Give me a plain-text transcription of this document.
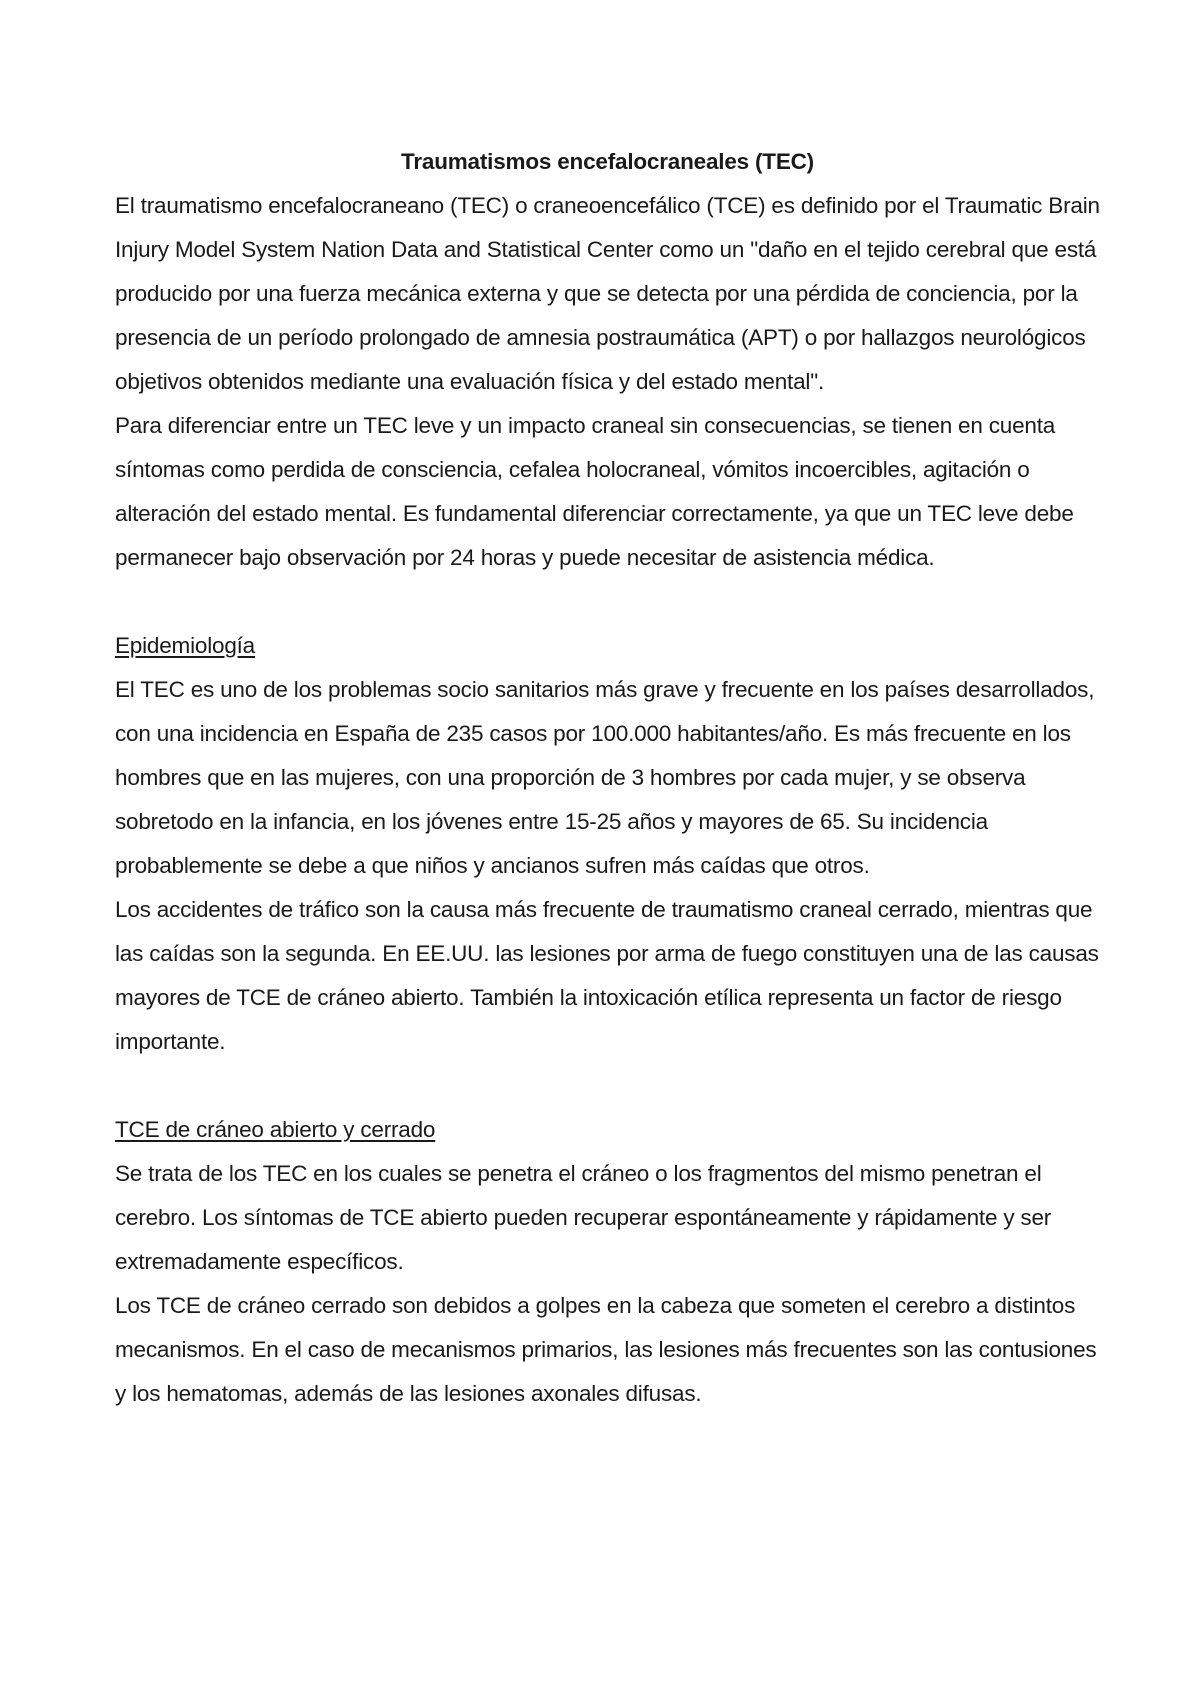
Traumatismos encefalocraneales (TEC)

El traumatismo encefalocraneano (TEC) o craneoencefálico (TCE) es definido por el Traumatic Brain Injury Model System Nation Data and Statistical Center como un "daño en el tejido cerebral que está producido por una fuerza mecánica externa y que se detecta por una pérdida de conciencia, por la presencia de un período prolongado de amnesia postraumática (APT) o por hallazgos neurológicos objetivos obtenidos mediante una evaluación física y del estado mental".

Para diferenciar entre un TEC leve y un impacto craneal sin consecuencias, se tienen en cuenta síntomas como perdida de consciencia, cefalea holocraneal, vómitos incoercibles, agitación o alteración del estado mental. Es fundamental diferenciar correctamente, ya que un TEC leve debe permanecer bajo observación por 24 horas y puede necesitar de asistencia médica.

Epidemiología

El TEC es uno de los problemas socio sanitarios más grave y frecuente en los países desarrollados, con una incidencia en España de 235 casos por 100.000 habitantes/año. Es más frecuente en los hombres que en las mujeres, con una proporción de 3 hombres por cada mujer, y se observa sobretodo en la infancia, en los jóvenes entre 15-25 años y mayores de 65. Su incidencia probablemente se debe a que niños y ancianos sufren más caídas que otros.

Los accidentes de tráfico son la causa más frecuente de traumatismo craneal cerrado, mientras que las caídas son la segunda. En EE.UU. las lesiones por arma de fuego constituyen una de las causas mayores de TCE de cráneo abierto. También la intoxicación etílica representa un factor de riesgo importante.

TCE de cráneo abierto y cerrado

Se trata de los TEC en los cuales se penetra el cráneo o los fragmentos del mismo penetran el cerebro. Los síntomas de TCE abierto pueden recuperar espontáneamente y rápidamente y ser extremadamente específicos.

Los TCE de cráneo cerrado son debidos a golpes en la cabeza que someten el cerebro a distintos mecanismos. En el caso de mecanismos primarios, las lesiones más frecuentes son las contusiones y los hematomas, además de las lesiones axonales difusas.
